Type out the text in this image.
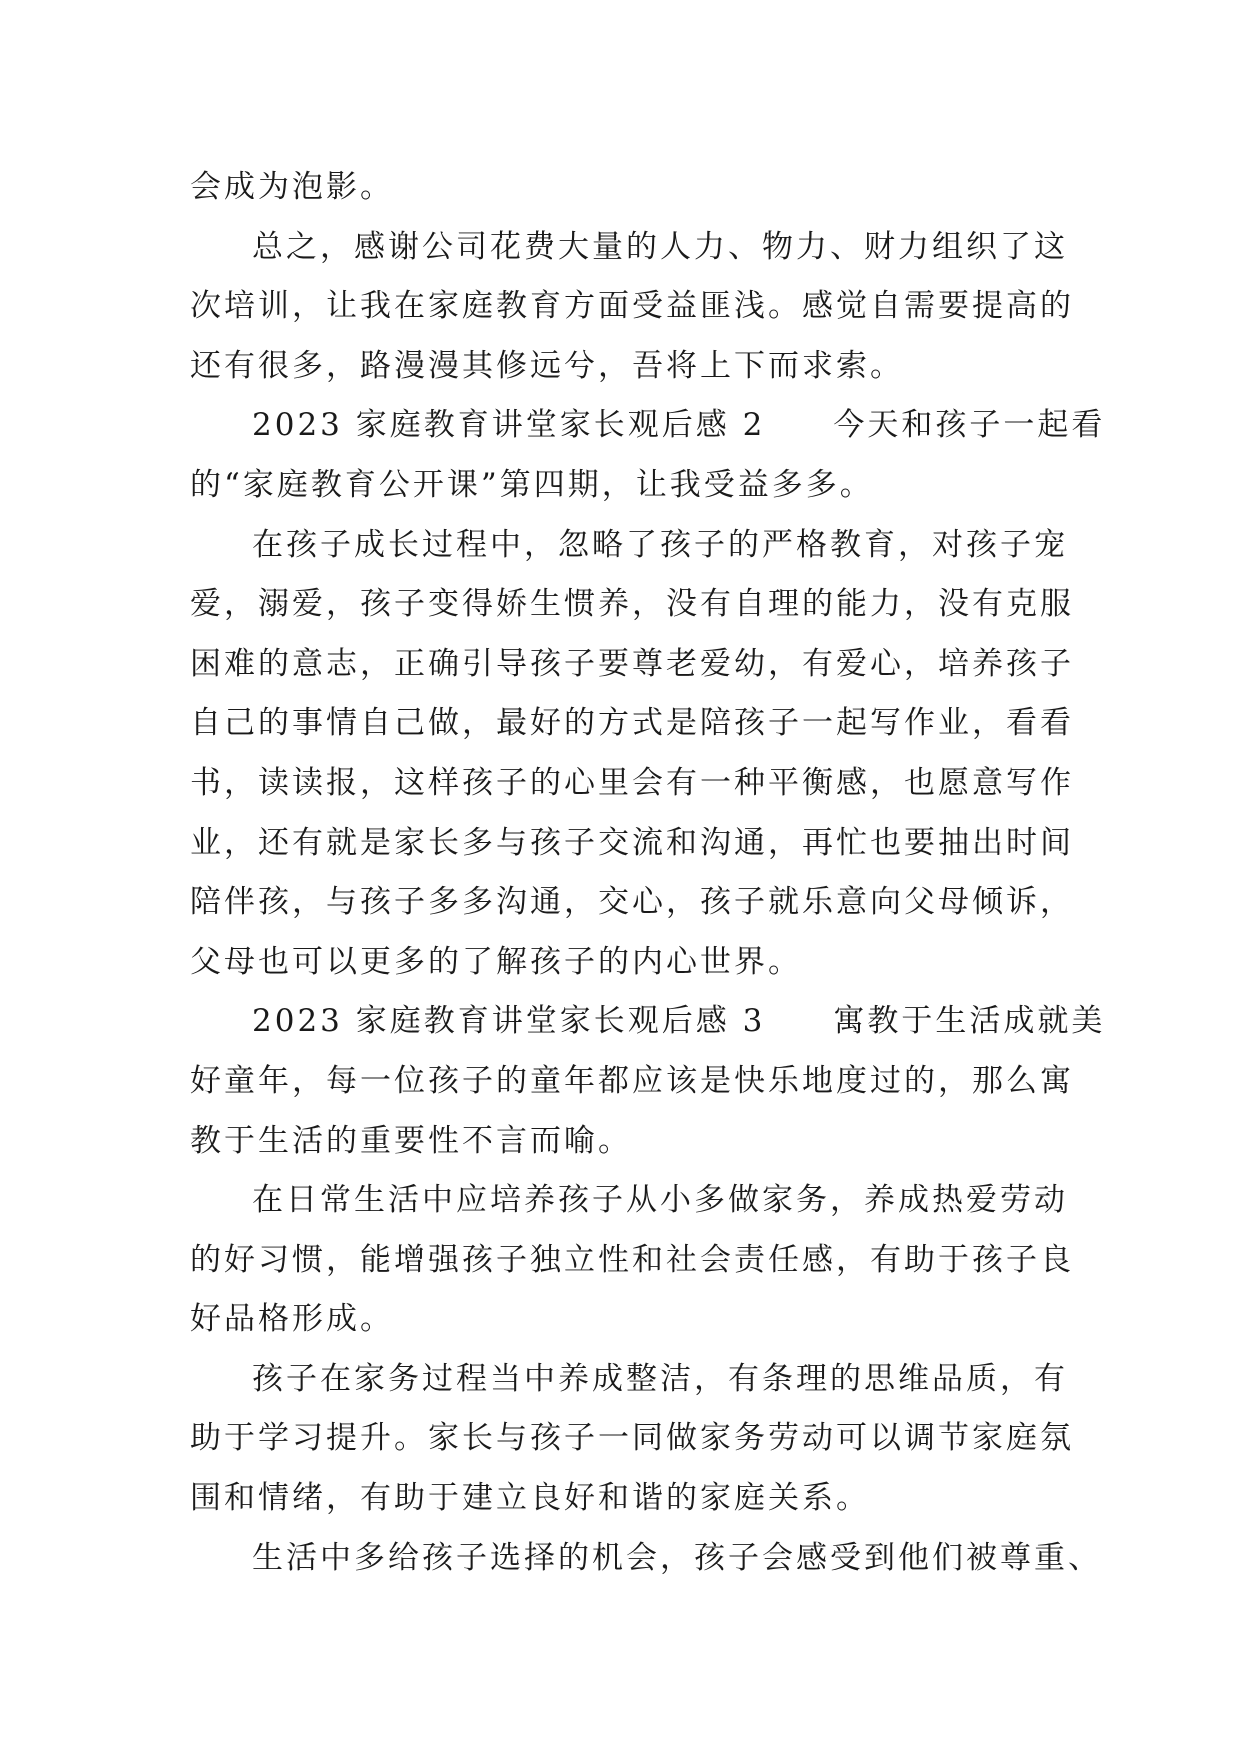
会成为泡影。
总之，感谢公司花费大量的人力、物力、财力组织了这
次培训，让我在家庭教育方面受益匪浅。感觉自需要提高的
还有很多，路漫漫其修远兮，吾将上下而求索。
2023 家庭教育讲堂家长观后感 2　　今天和孩子一起看
的“家庭教育公开课”第四期，让我受益多多。
在孩子成长过程中，忽略了孩子的严格教育，对孩子宠
爱，溺爱，孩子变得娇生惯养，没有自理的能力，没有克服
困难的意志，正确引导孩子要尊老爱幼，有爱心，培养孩子
自己的事情自己做，最好的方式是陪孩子一起写作业，看看
书，读读报，这样孩子的心里会有一种平衡感，也愿意写作
业，还有就是家长多与孩子交流和沟通，再忙也要抽出时间
陪伴孩，与孩子多多沟通，交心，孩子就乐意向父母倾诉，
父母也可以更多的了解孩子的内心世界。
2023 家庭教育讲堂家长观后感 3　　寓教于生活成就美
好童年，每一位孩子的童年都应该是快乐地度过的，那么寓
教于生活的重要性不言而喻。
在日常生活中应培养孩子从小多做家务，养成热爱劳动
的好习惯，能增强孩子独立性和社会责任感，有助于孩子良
好品格形成。
孩子在家务过程当中养成整洁，有条理的思维品质，有
助于学习提升。家长与孩子一同做家务劳动可以调节家庭氛
围和情绪，有助于建立良好和谐的家庭关系。
生活中多给孩子选择的机会，孩子会感受到他们被尊重、
